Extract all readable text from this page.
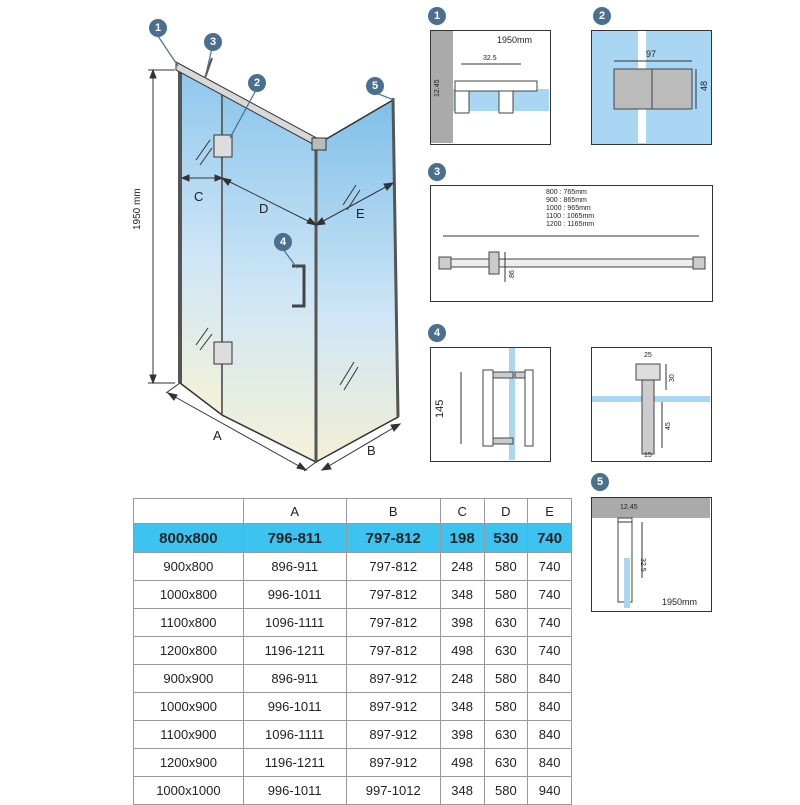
1
3
2
4
5
1950 mm	C
D	E
A
B
1
1950mm
32.5
12.45
2
97
48
3
800 : 765mm
900 : 865mm
1000 : 965mm
1100 : 1065mm
1200 : 1165mm
86
4
145
25
30
45
15
5
12.45
32.5
1950mm
	A	B	C	D	E
800x800	796-811	797-812	198	530	740
900x800	896-911	797-812	248	580	740
1000x800	996-1011	797-812	348	580	740
1100x800	1096-1111	797-812	398	630	740
1200x800	1196-1211	797-812	498	630	740
900x900	896-911	897-912	248	580	840
1000x900	996-1011	897-912	348	580	840
1100x900	1096-1111	897-912	398	630	840
1200x900	1196-1211	897-912	498	630	840
1000x1000	996-1011	997-1012	348	580	940
